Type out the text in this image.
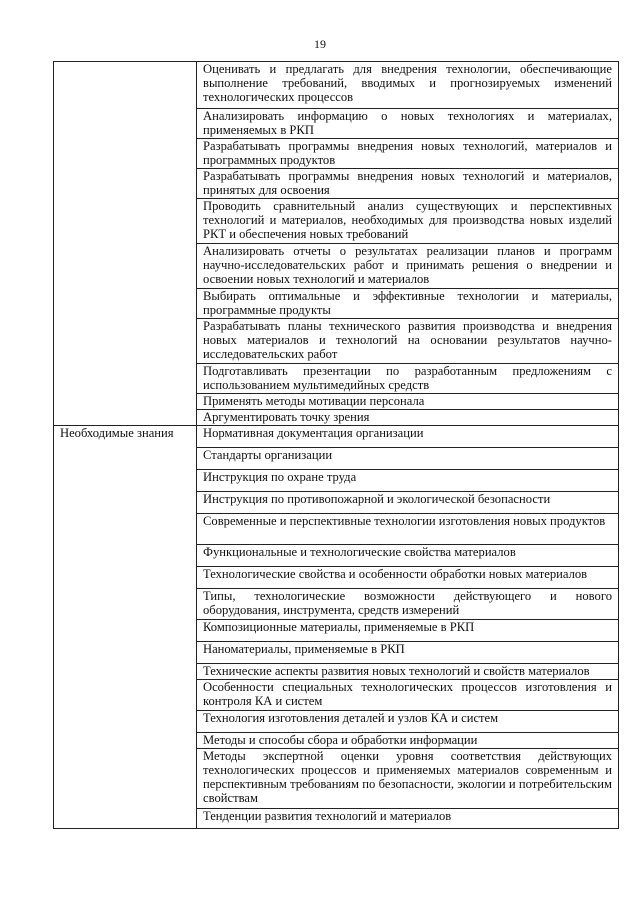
19
	Оценивать и предлагать для внедрения технологии, обеспечивающие выполнение требований, вводимых и прогнозируемых изменений технологических процессов
	Анализировать информацию о новых технологиях и материалах, применяемых в РКП
	Разрабатывать программы внедрения новых технологий, материалов и программных продуктов
	Разрабатывать программы внедрения новых технологий и материалов, принятых для освоения
	Проводить сравнительный анализ существующих и перспективных технологий и материалов, необходимых для производства новых изделий РКТ и обеспечения новых требований
	Анализировать отчеты о результатах реализации планов и программ научно-исследовательских работ и принимать решения о внедрении и освоении новых технологий и материалов
	Выбирать оптимальные и эффективные технологии и материалы, программные продукты
	Разрабатывать планы технического развития производства и внедрения новых материалов и технологий на основании результатов научно-исследовательских работ
	Подготавливать презентации по разработанным предложениям с использованием мультимедийных средств
	Применять методы мотивации персонала
	Аргументировать точку зрения
Необходимые знания	Нормативная документация организации
	Стандарты организации
	Инструкция по охране труда
	Инструкция по противопожарной и экологической безопасности
	Современные и перспективные технологии изготовления новых продуктов
	Функциональные и технологические свойства материалов
	Технологические свойства и особенности обработки новых материалов
	Типы, технологические возможности действующего и нового оборудования, инструмента, средств измерений
	Композиционные материалы, применяемые в РКП
	Наноматериалы, применяемые в РКП
	Технические аспекты развития новых технологий и свойств материалов
	Особенности специальных технологических процессов изготовления и контроля КА и систем
	Технология изготовления деталей и узлов КА и систем
	Методы и способы сбора и обработки информации
	Методы экспертной оценки уровня соответствия действующих технологических процессов и применяемых материалов современным и перспективным требованиям по безопасности, экологии и потребительским свойствам
	Тенденции развития технологий и материалов
